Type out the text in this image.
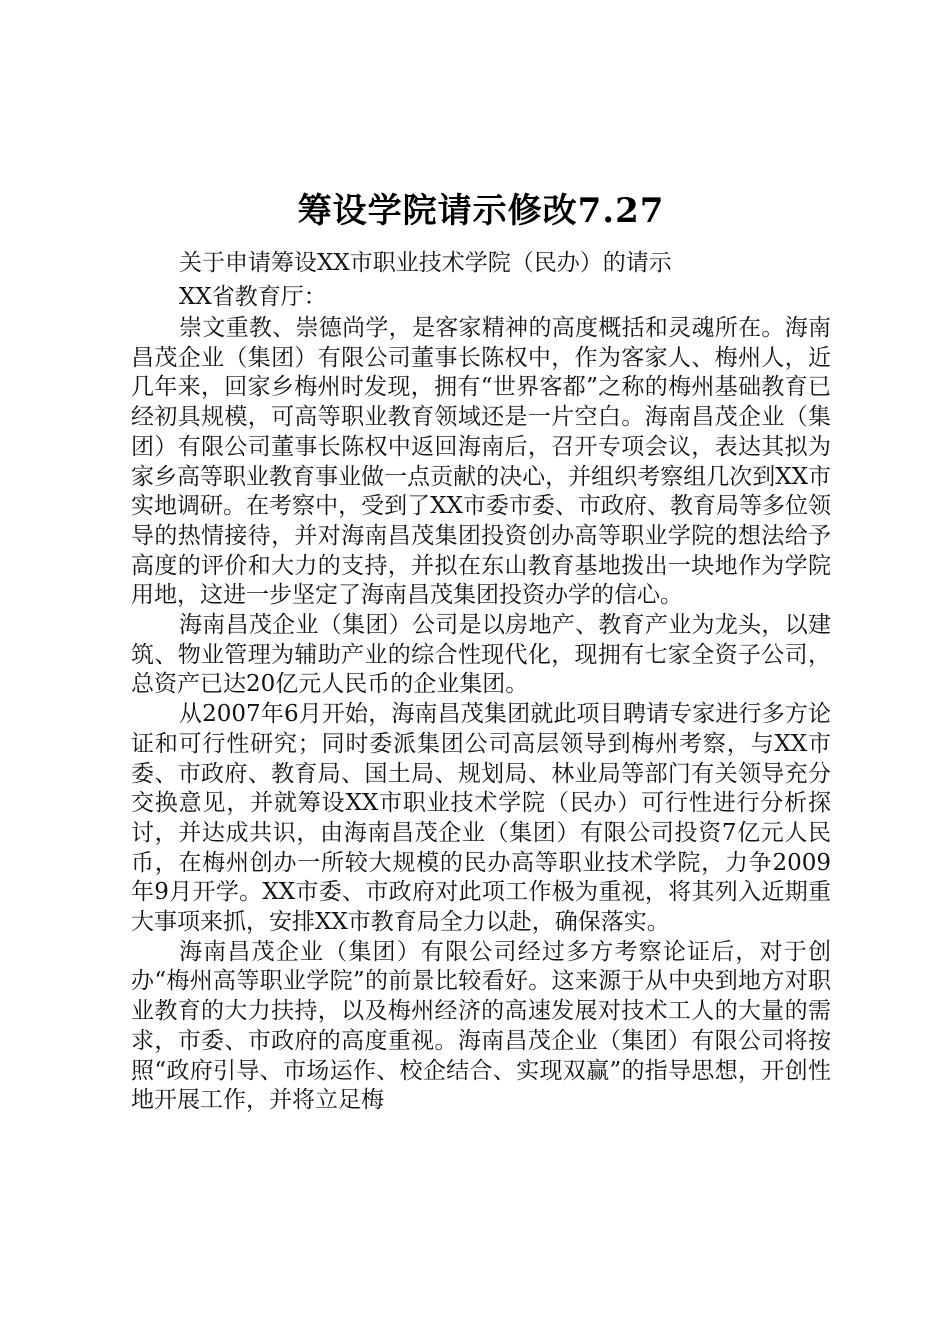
筹设学院请示修改7.27

关于申请筹设XX市职业技术学院（民办）的请示

XX省教育厅：

崇文重教、崇德尚学，是客家精神的高度概括和灵魂所在。海南昌茂企业（集团）有限公司董事长陈权中，作为客家人、梅州人，近几年来，回家乡梅州时发现，拥有“世界客都”之称的梅州基础教育已经初具规模，可高等职业教育领域还是一片空白。海南昌茂企业（集团）有限公司董事长陈权中返回海南后，召开专项会议，表达其拟为家乡高等职业教育事业做一点贡献的决心，并组织考察组几次到XX市实地调研。在考察中，受到了XX市委市委、市政府、教育局等多位领导的热情接待，并对海南昌茂集团投资创办高等职业学院的想法给予高度的评价和大力的支持，并拟在东山教育基地拨出一块地作为学院用地，这进一步坚定了海南昌茂集团投资办学的信心。

海南昌茂企业（集团）公司是以房地产、教育产业为龙头，以建筑、物业管理为辅助产业的综合性现代化，现拥有七家全资子公司，总资产已达20亿元人民币的企业集团。

从2007年6月开始，海南昌茂集团就此项目聘请专家进行多方论证和可行性研究；同时委派集团公司高层领导到梅州考察，与XX市委、市政府、教育局、国土局、规划局、林业局等部门有关领导充分交换意见，并就筹设XX市职业技术学院（民办）可行性进行分析探讨，并达成共识，由海南昌茂企业（集团）有限公司投资7亿元人民币，在梅州创办一所较大规模的民办高等职业技术学院，力争2009年9月开学。XX市委、市政府对此项工作极为重视，将其列入近期重大事项来抓，安排XX市教育局全力以赴，确保落实。

海南昌茂企业（集团）有限公司经过多方考察论证后，对于创办“梅州高等职业学院”的前景比较看好。这来源于从中央到地方对职业教育的大力扶持，以及梅州经济的高速发展对技术工人的大量的需求，市委、市政府的高度重视。海南昌茂企业（集团）有限公司将按照“政府引导、市场运作、校企结合、实现双赢”的指导思想，开创性地开展工作，并将立足梅
